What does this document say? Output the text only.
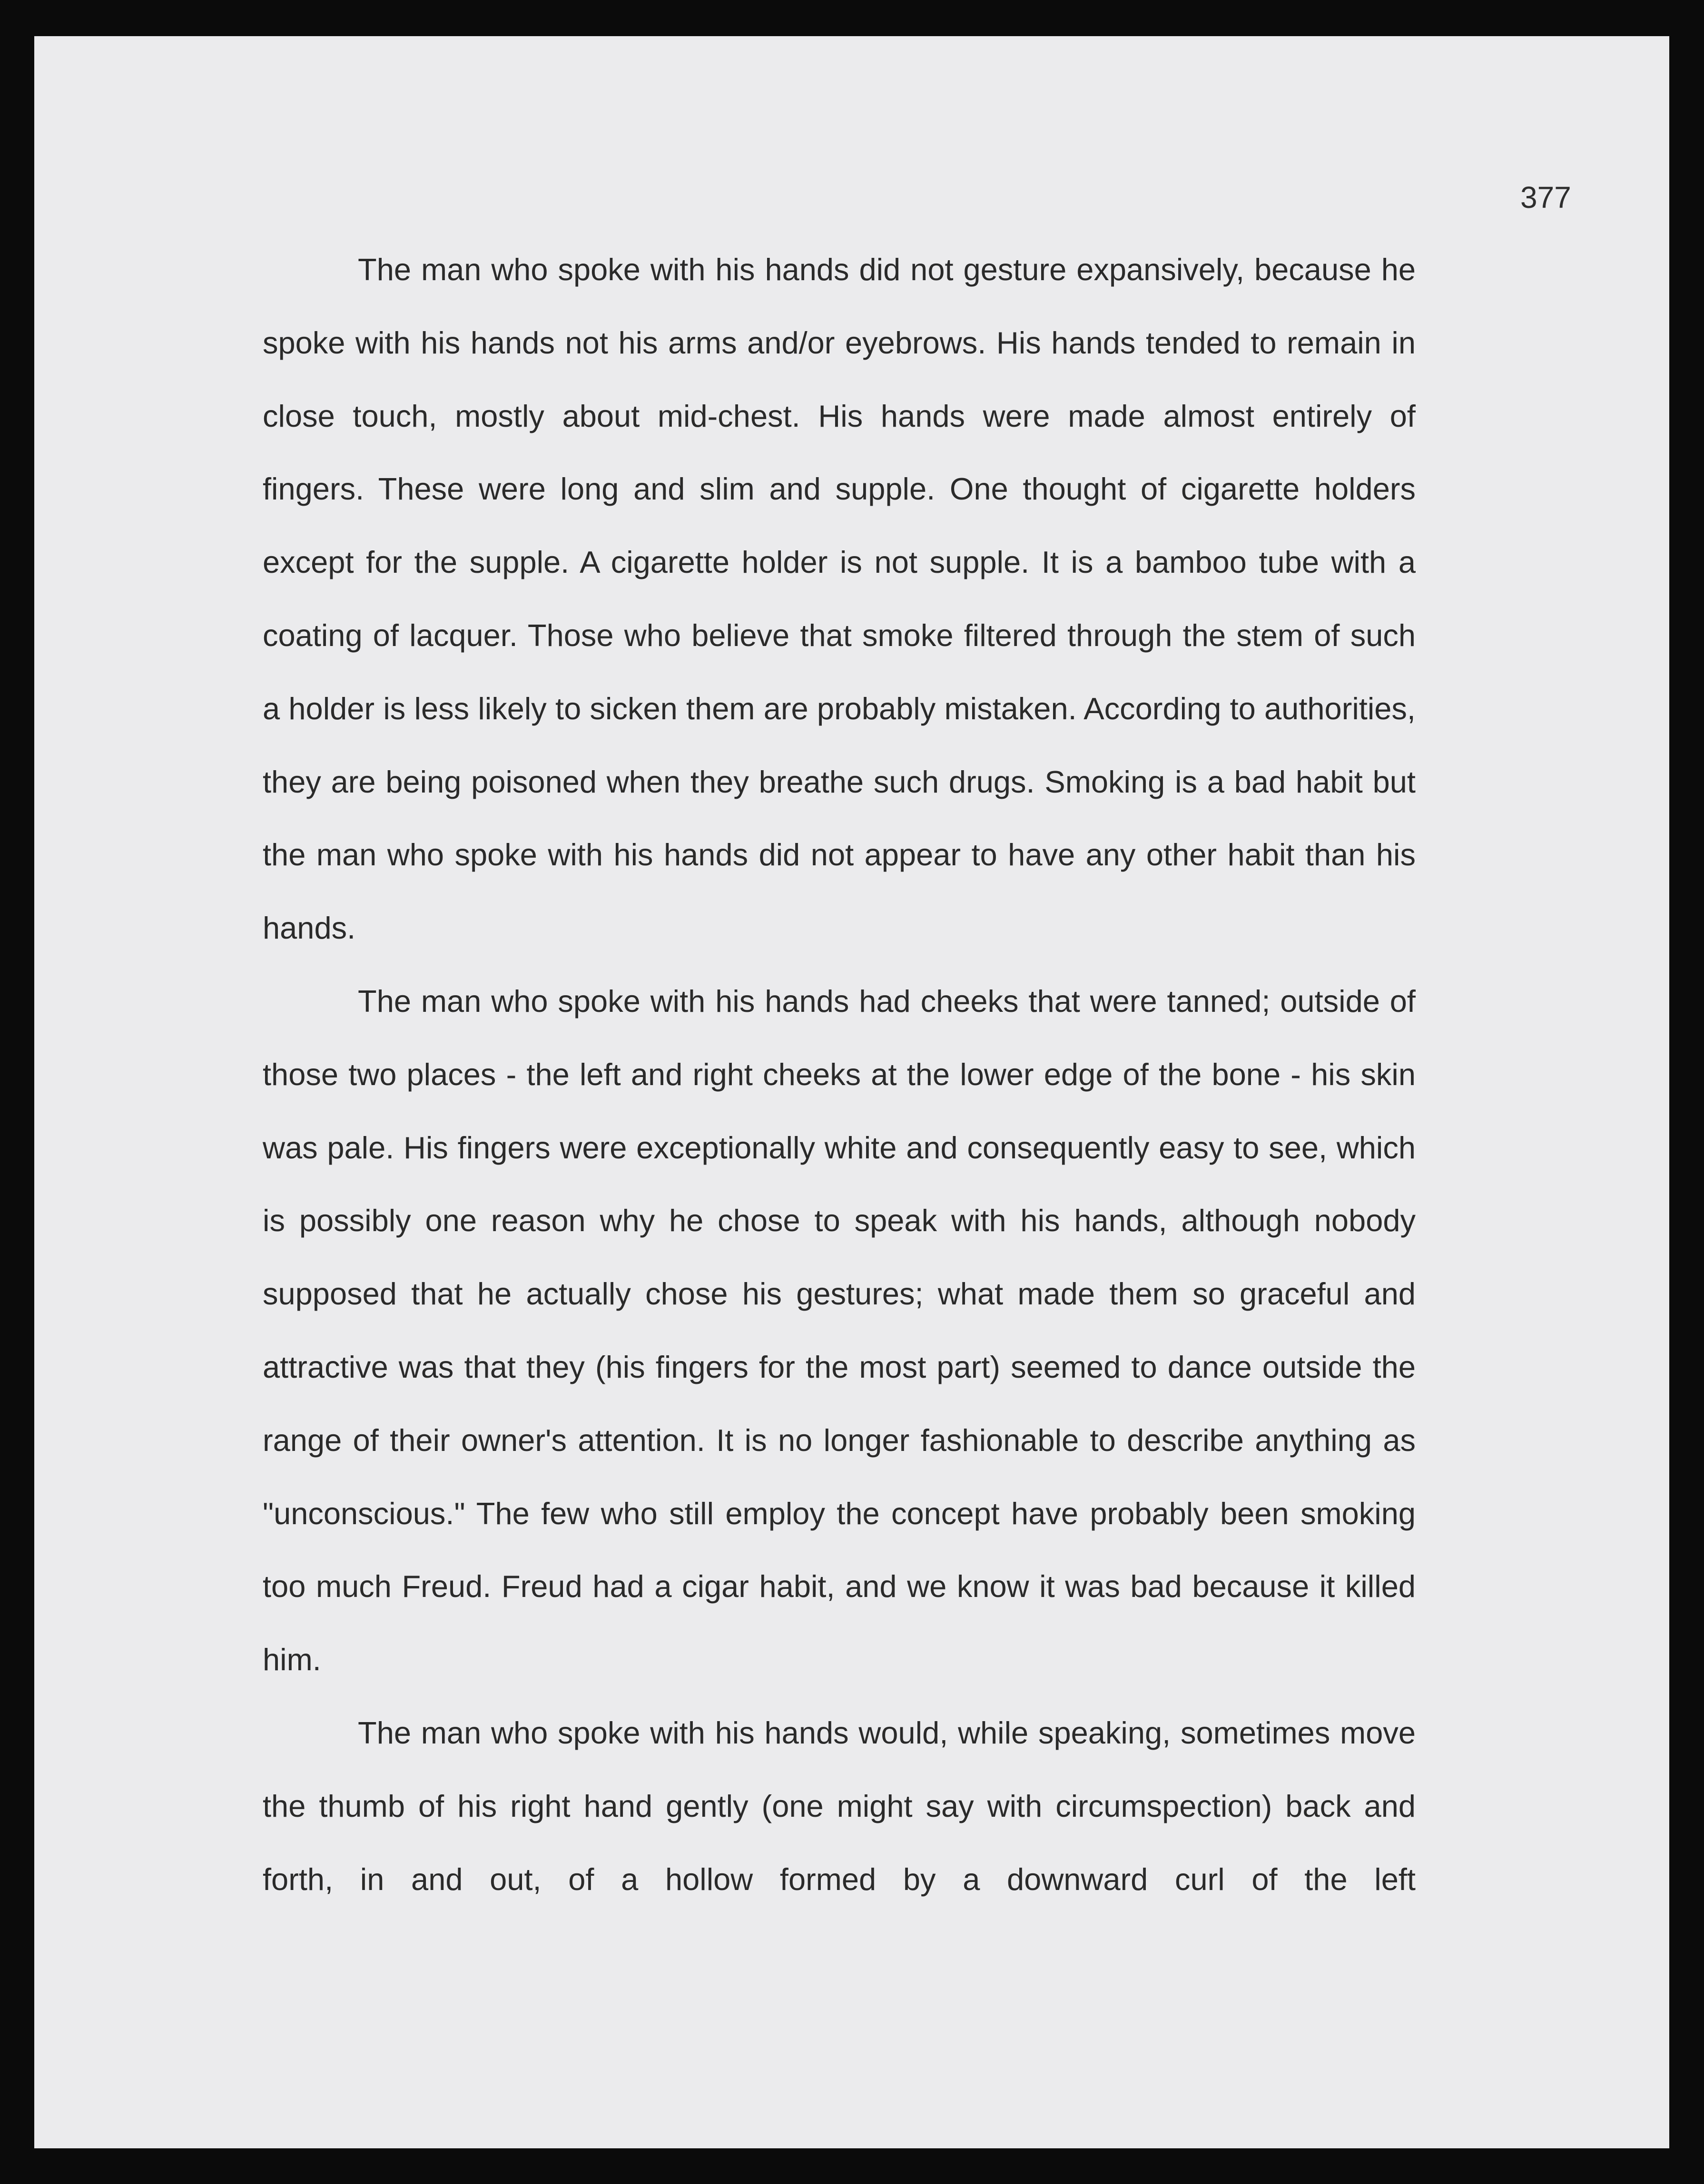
377

The man who spoke with his hands did not gesture expansively, because he spoke with his hands not his arms and/or eyebrows. His hands tended to remain in close touch, mostly about mid-chest. His hands were made almost entirely of fingers. These were long and slim and supple. One thought of cigarette holders except for the supple. A cigarette holder is not supple. It is a bamboo tube with a coating of lacquer. Those who believe that smoke filtered through the stem of such a holder is less likely to sicken them are probably mistaken. According to authorities, they are being poisoned when they breathe such drugs. Smoking is a bad habit but the man who spoke with his hands did not appear to have any other habit than his hands.

The man who spoke with his hands had cheeks that were tanned; outside of those two places - the left and right cheeks at the lower edge of the bone - his skin was pale. His fingers were exceptionally white and consequently easy to see, which is possibly one reason why he chose to speak with his hands, although nobody supposed that he actually chose his gestures; what made them so graceful and attractive was that they (his fingers for the most part) seemed to dance outside the range of their owner's attention. It is no longer fashionable to describe anything as "unconscious." The few who still employ the concept have probably been smoking too much Freud. Freud had a cigar habit, and we know it was bad because it killed him.

The man who spoke with his hands would, while speaking, sometimes move the thumb of his right hand gently (one might say with circumspection) back and forth, in and out, of a hollow formed by a downward curl of the left
